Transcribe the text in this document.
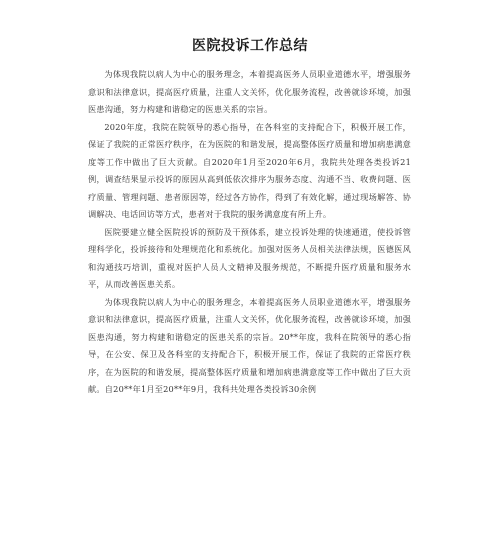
医院投诉工作总结

为体现我院以病人为中心的服务理念，本着提高医务人员职业道德水平，增强服务意识和法律意识，提高医疗质量，注重人文关怀，优化服务流程，改善就诊环境，加强医患沟通，努力构建和谐稳定的医患关系的宗旨。

2020年度，我院在院领导的悉心指导，在各科室的支持配合下，积极开展工作，保证了我院的正常医疗秩序，在为医院的和谐发展，提高整体医疗质量和增加病患满意度等工作中做出了巨大贡献。自2020年1月至2020年6月，我院共处理各类投诉21例，调查结果显示投诉的原因从高到低依次排序为服务态度、沟通不当、收费问题、医疗质量、管理问题、患者原因等，经过各方协作，得到了有效化解，通过现场解答、协调解决、电话回访等方式，患者对于我院的服务满意度有所上升。

医院要建立健全医院投诉的预防及干预体系，建立投诉处理的快速通道，使投诉管理科学化，投诉接待和处理规范化和系统化。加强对医务人员相关法律法规，医德医风和沟通技巧培训，重视对医护人员人文精神及服务规范，不断提升医疗质量和服务水平，从而改善医患关系。

为体现我院以病人为中心的服务理念，本着提高医务人员职业道德水平，增强服务意识和法律意识，提高医疗质量，注重人文关怀，优化服务流程，改善就诊环境，加强医患沟通，努力构建和谐稳定的医患关系的宗旨。20**年度，我科在院领导的悉心指导，在公安、保卫及各科室的支持配合下，积极开展工作，保证了我院的正常医疗秩序，在为医院的和谐发展，提高整体医疗质量和增加病患满意度等工作中做出了巨大贡献。自20**年1月至20**年9月，我科共处理各类投诉30余例
